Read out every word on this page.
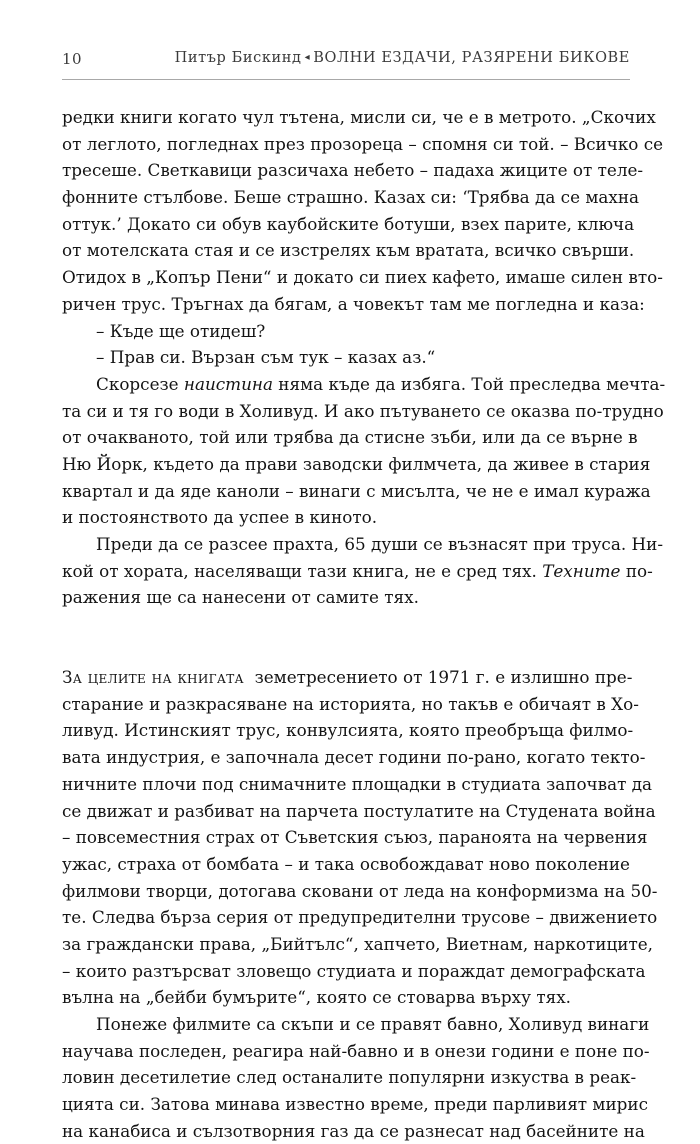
10	Питър Бискинд ◂ ВОЛНИ ЕЗДАЧИ, РАЗЯРЕНИ БИКОВЕ
редки книги когато чул тътена, мисли си, че е в метрото. „Скочих
от леглото, погледнах през прозореца – спомня си той. – Всичко се
тресеше. Светкавици разсичаха небето – падаха жиците от теле-
фонните стълбове. Беше страшно. Казах си: ‘Трябва да се махна
оттук.’ Докато си обув каубойските ботуши, взех парите, ключа
от мотелската стая и се изстрелях към вратата, всичко свърши.
Отидох в „Копър Пени“ и докато си пиех кафето, имаше силен вто-
ричен трус. Тръгнах да бягам, а човекът там ме погледна и каза:
– Къде ще отидеш?
– Прав си. Вързан съм тук – казах аз.“
Скорсезе наистина няма къде да избяга. Той преследва мечта-
та си и тя го води в Холивуд. И ако пътуването се оказва по-трудно
от очакваното, той или трябва да стисне зъби, или да се върне в
Ню Йорк, където да прави заводски филмчета, да живее в стария
квартал и да яде каноли – винаги с мисълта, че не е имал куража
и постоянството да успее в киното.
Преди да се разсее прахта, 65 души се възнасят при труса. Ни-
кой от хората, населяващи тази книга, не е сред тях. Техните по-
ражения ще са нанесени от самите тях.
За целите на книгата  земетресението от 1971 г. е излишно пре-
старание и разкрасяване на историята, но такъв е обичаят в Хо-
ливуд. Истинският трус, конвулсията, която преобръща филмо-
вата индустрия, е започнала десет години по-рано, когато текто-
ничните плочи под снимачните площадки в студиата започват да
се движат и разбиват на парчета постулатите на Студената война
– повсеместния страх от Съветския съюз, параноята на червения
ужас, страха от бомбата – и така освобождават ново поколение
филмови творци, дотогава сковани от леда на конформизма на 50-
те. Следва бърза серия от предупредителни трусове – движението
за граждански права, „Бийтълс“, хапчето, Виетнам, наркотиците,
– които разтърсват зловещо студиата и пораждат демографската
вълна на „бейби бумърите“, която се стоварва върху тях.
Понеже филмите са скъпи и се правят бавно, Холивуд винаги
научава последен, реагира най-бавно и в онези години е поне по-
ловин десетилетие след останалите популярни изкуства в реак-
цията си. Затова минава известно време, преди парливият мирис
на канабиса и сълзотворния газ да се разнесат над басейните на
